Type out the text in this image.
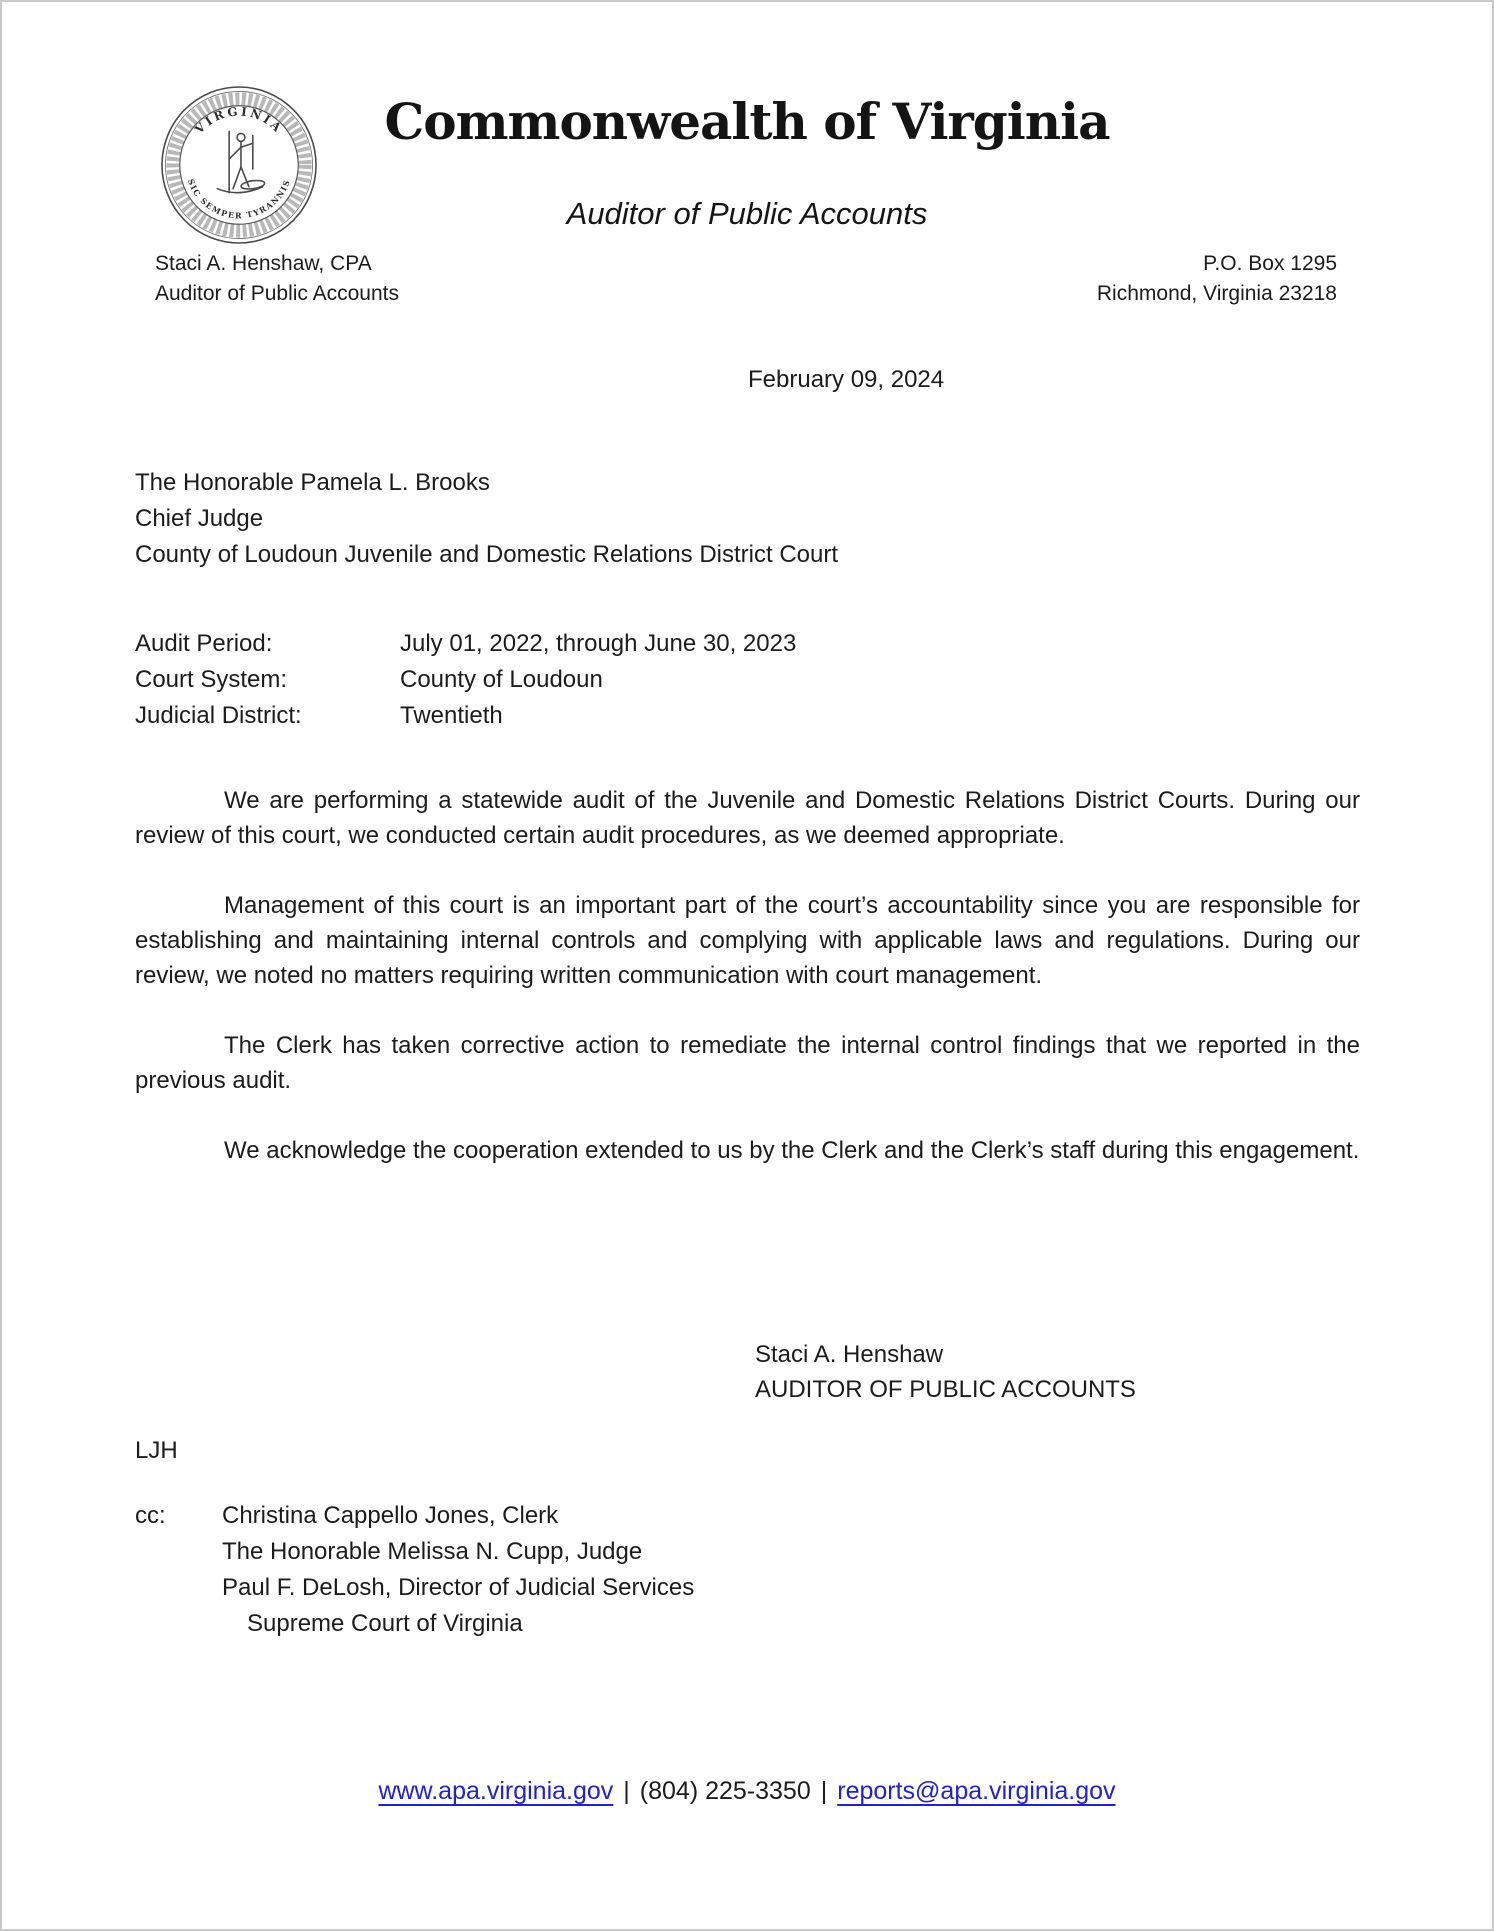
VIRGINIA
SIC SEMPER TYRANNIS
Commonwealth of Virginia
Auditor of Public Accounts
Staci A. Henshaw, CPA
Auditor of Public Accounts
P.O. Box 1295
Richmond, Virginia 23218
February 09, 2024
The Honorable Pamela L. Brooks
Chief Judge
County of Loudoun Juvenile and Domestic Relations District Court
Audit Period:	July 01, 2022, through June 30, 2023
Court System:	County of Loudoun
Judicial District:	Twentieth

We are performing a statewide audit of the Juvenile and Domestic Relations District Courts. During our review of this court, we conducted certain audit procedures, as we deemed appropriate.

Management of this court is an important part of the court’s accountability since you are responsible for establishing and maintaining internal controls and complying with applicable laws and regulations. During our review, we noted no matters requiring written communication with court management.

The Clerk has taken corrective action to remediate the internal control findings that we reported in the previous audit.

We acknowledge the cooperation extended to us by the Clerk and the Clerk’s staff during this engagement.

Staci A. Henshaw
AUDITOR OF PUBLIC ACCOUNTS
LJH
cc: Christina Cappello Jones, Clerk
The Honorable Melissa N. Cupp, Judge
Paul F. DeLosh, Director of Judicial Services
Supreme Court of Virginia
www.apa.virginia.gov | (804) 225-3350 | reports@apa.virginia.gov
